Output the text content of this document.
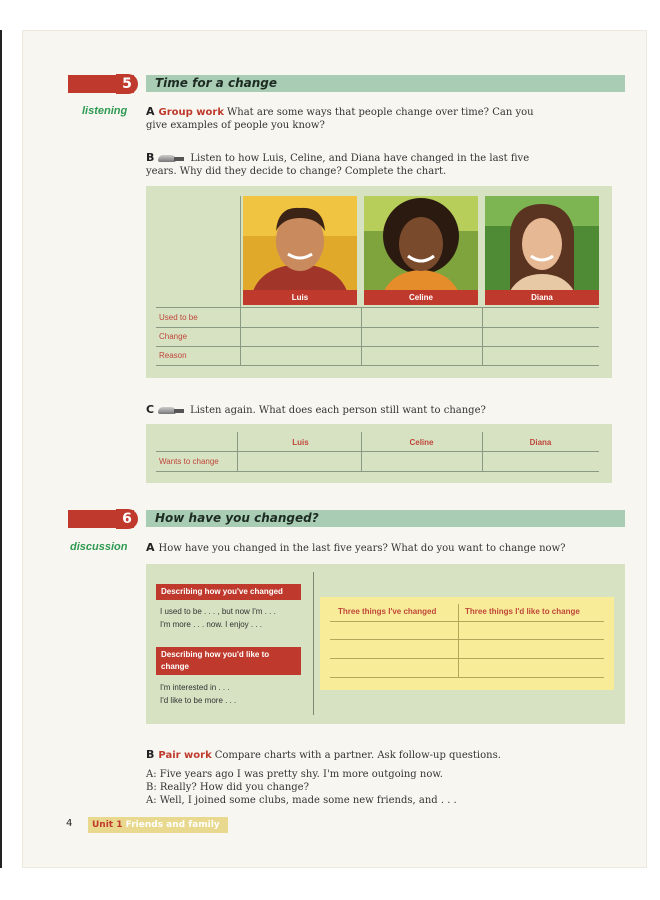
5	Time for a change
listening A Group work What are some ways that people change over time? Can you give examples of people you know?
B	Listen to how Luis, Celine, and Diana have changed in the last five years. Why did they decide to change? Complete the chart.
Luis	Celine	Diana
Used to be
Change
Reason
C	Listen again. What does each person still want to change?
Luis	Celine	Diana
Wants to change
6	How have you changed?
discussion A How have you changed in the last five years? What do you want to change now?
Describing how you've changed
I used to be . . . , but now I'm . . .
I'm more . . . now. I enjoy . . .
Describing how you'd like to change
I'm interested in . . .
I'd like to be more . . .
Three things I've changed	Three things I'd like to change
B Pair work Compare charts with a partner. Ask follow-up questions.
A: Five years ago I was pretty shy. I'm more outgoing now.
B: Really? How did you change?
A: Well, I joined some clubs, made some new friends, and . . .
4	Unit 1 Friends and family
